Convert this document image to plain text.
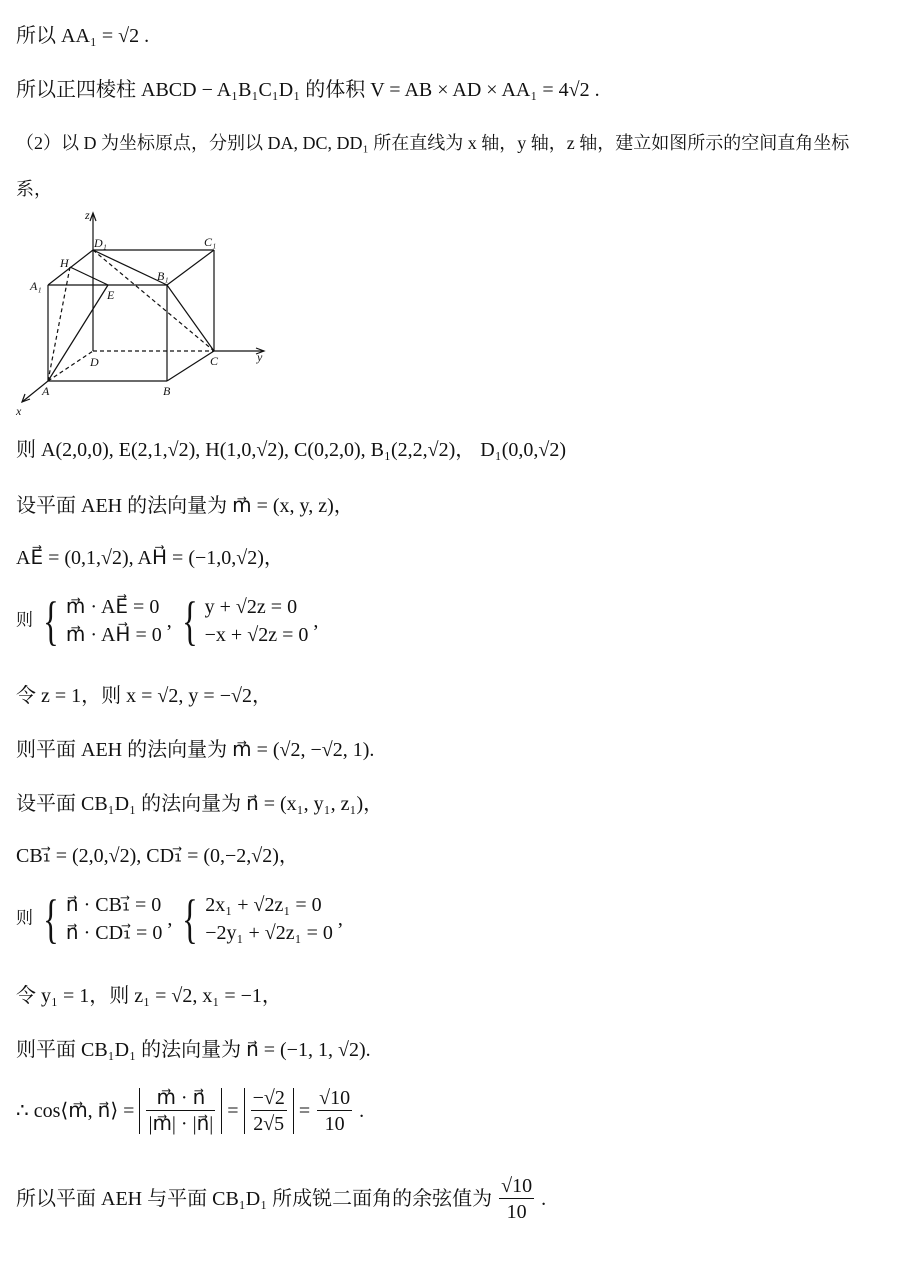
所以 AA₁ = √2 .
所以正四棱柱 ABCD − A₁B₁C₁D₁ 的体积 V = AB × AD × AA₁ = 4√2 .
（2）以 D 为坐标原点，分别以 DA, DC, DD₁ 所在直线为 x 轴，y 轴，z 轴，建立如图所示的空间直角坐标
系，
z
y
x
D₁	C₁
H
B₁
A₁
E
D	C
A	B
则 A(2,0,0), E(2,1,√2), H(1,0,√2), C(0,2,0), B₁(2,2,√2)， D₁(0,0,√2)
设平面 AEH 的法向量为 m⃗ = (x, y, z)，
AE⃗ = (0,1,√2), AH⃗ = (−1,0,√2)，
则 { m⃗ · AE⃗ = 0
m⃗ · AH⃗ = 0
, { y + √2z = 0
−x + √2z = 0
,
令 z = 1，则 x = √2, y = −√2，
则平面 AEH 的法向量为 m⃗ = (√2, −√2, 1).
设平面 CB₁D₁ 的法向量为 n⃗ = (x₁, y₁, z₁)，
CB₁⃗ = (2,0,√2), CD₁⃗ = (0,−2,√2)，
则 { n⃗ · CB₁⃗ = 0
n⃗ · CD₁⃗ = 0
, { 2x₁ + √2z₁ = 0
−2y₁ + √2z₁ = 0
,
令 y₁ = 1，则 z₁ = √2, x₁ = −1，
则平面 CB₁D₁ 的法向量为 n⃗ = (−1, 1, √2).
∴ cos⟨m⃗, n⃗⟩ = $\frac{m⃗ \cdot n⃗}{|m⃗| \cdot |n⃗|} = \frac{-√2}{2√5} = \frac{√10}{10}$ .
所以平面 AEH 与平面 CB₁D₁ 所成锐二面角的余弦值为 $\frac{√10}{10}$ .
